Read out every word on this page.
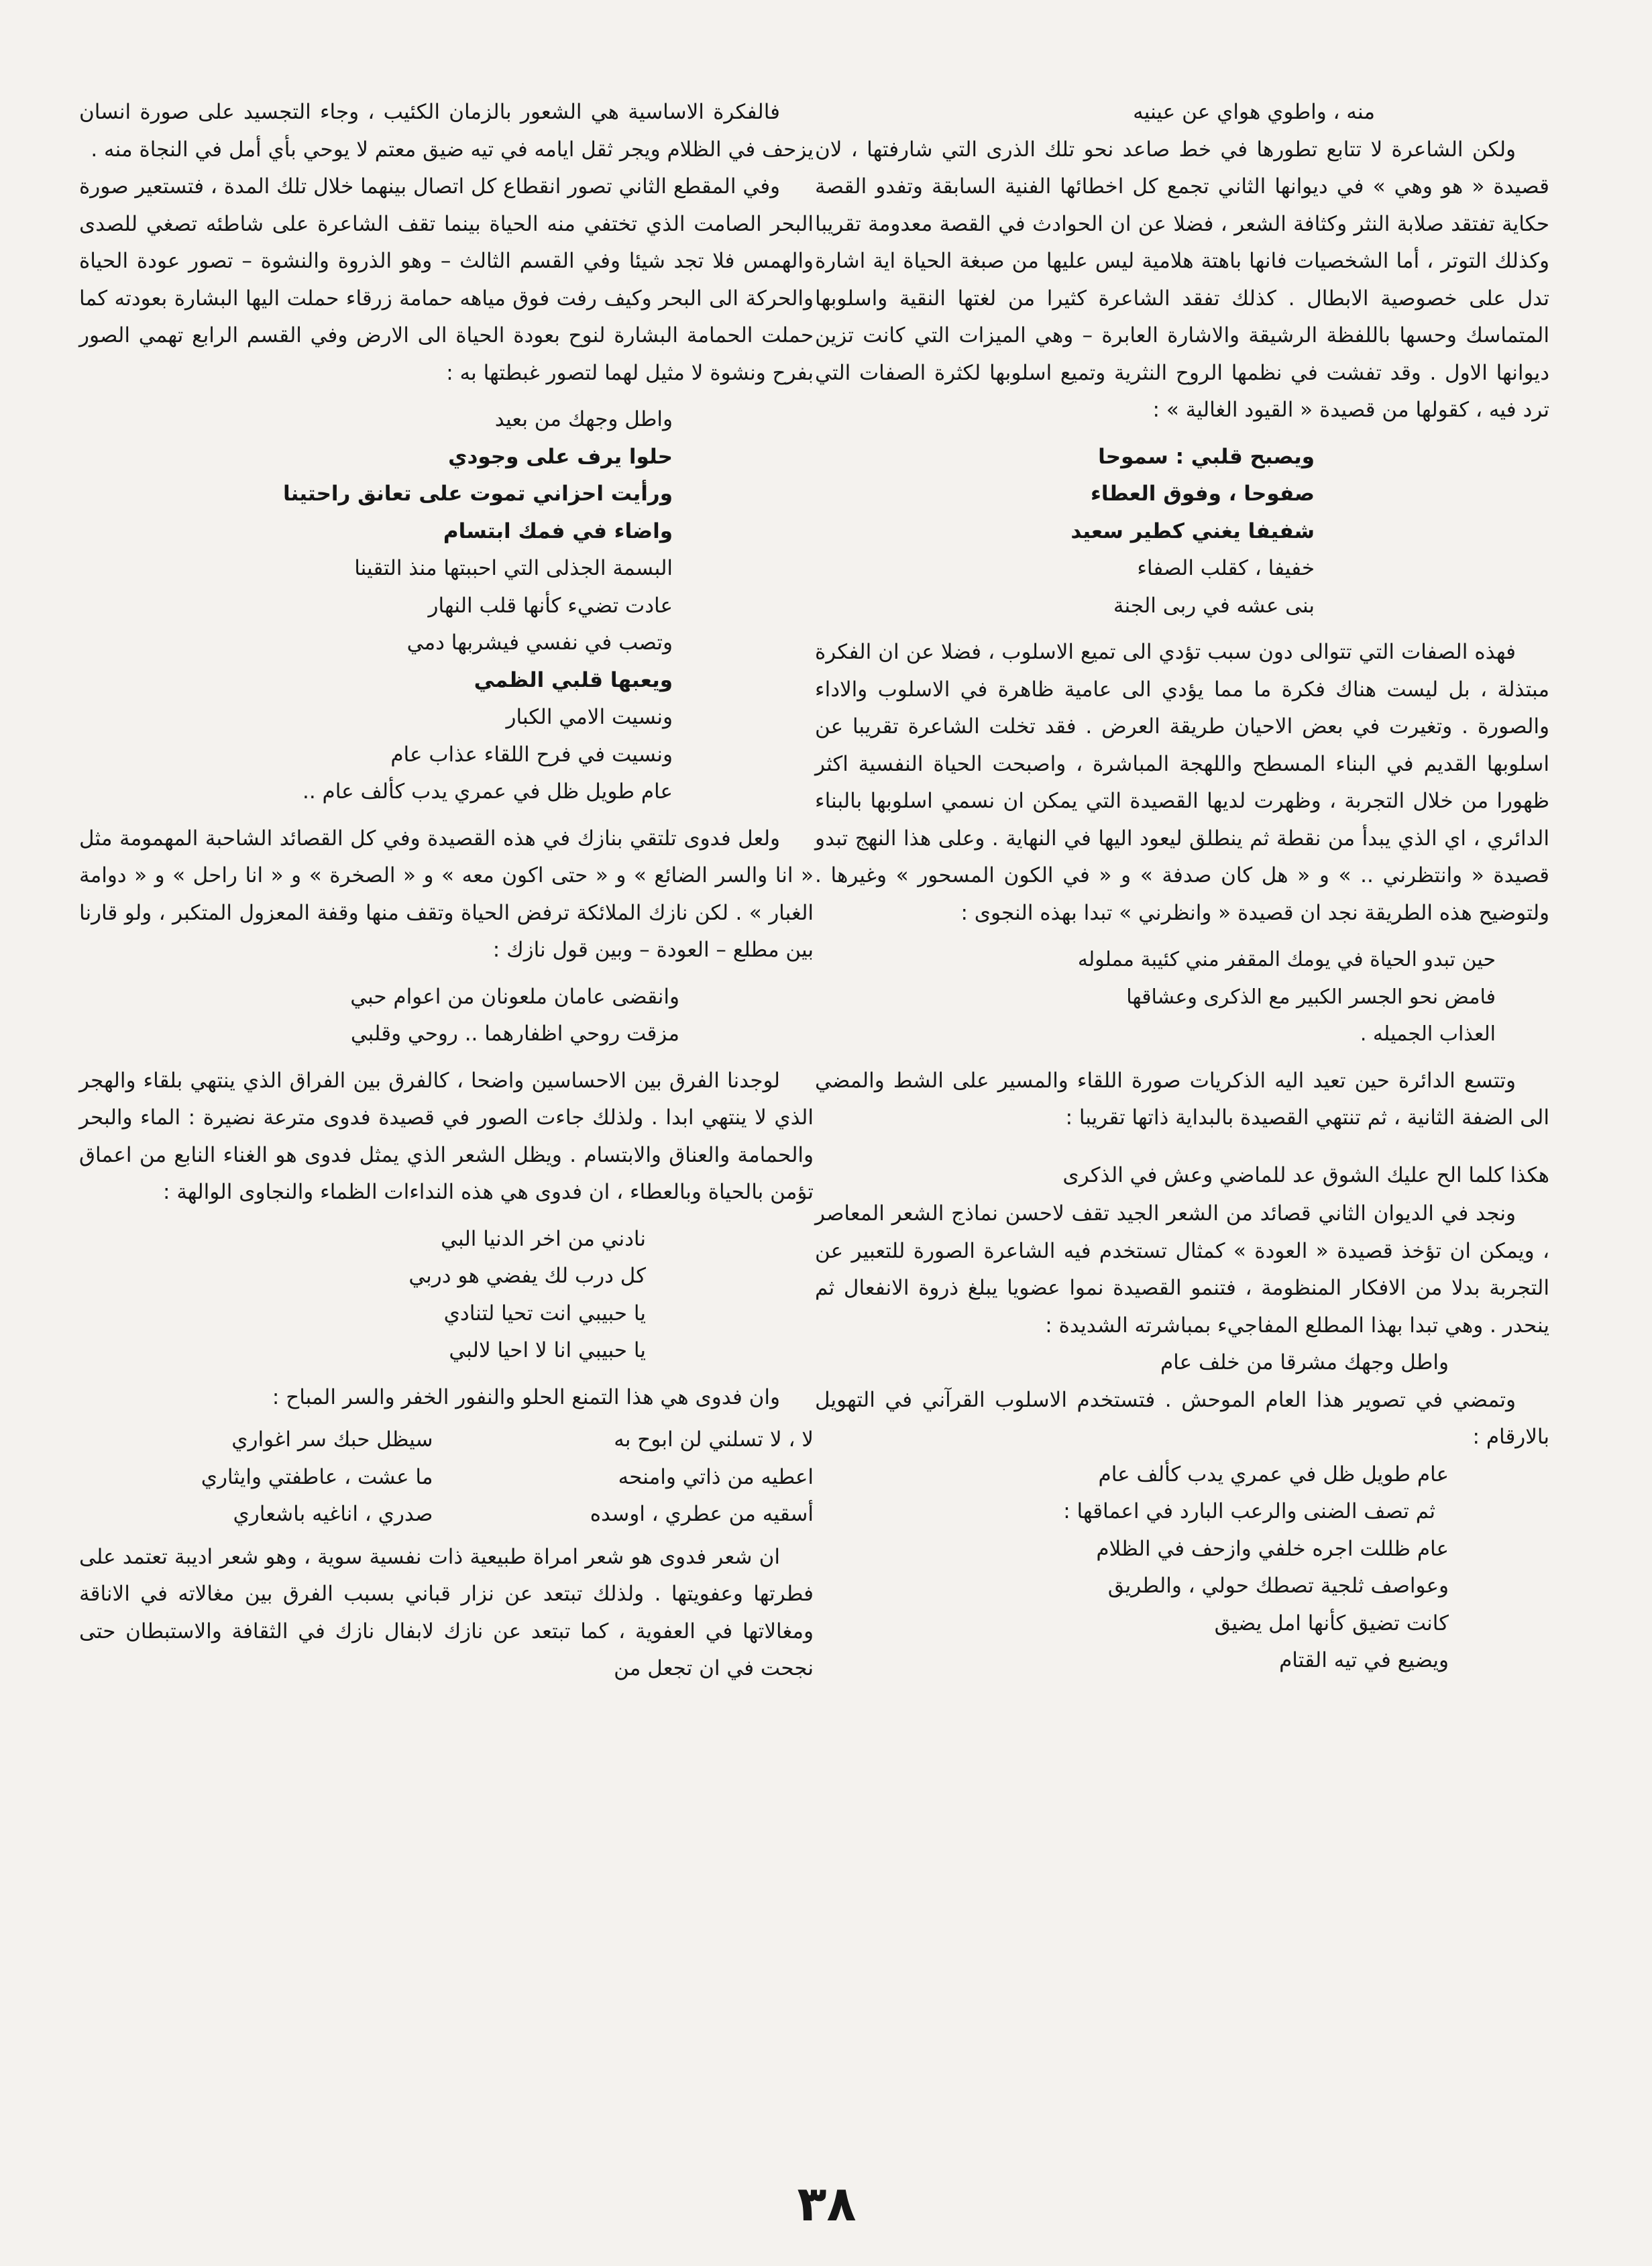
منه ، واطوي هواي عن عينيه

ولكن الشاعرة لا تتابع تطورها في خط صاعد نحو تلك الذرى التي شارفتها ، لان قصيدة « هو وهي » في ديوانها الثاني تجمع كل اخطائها الفنية السابقة وتفدو القصة حكاية تفتقد صلابة النثر وكثافة الشعر ، فضلا عن ان الحوادث في القصة معدومة تقريبا وكذلك التوتر ، أما الشخصيات فانها باهتة هلامية ليس عليها من صبغة الحياة اية اشارة تدل على خصوصية الابطال . كذلك تفقد الشاعرة كثيرا من لغتها النقية واسلوبها المتماسك وحسها باللفظة الرشيقة والاشارة العابرة – وهي الميزات التي كانت تزين ديوانها الاول . وقد تفشت في نظمها الروح النثرية وتميع اسلوبها لكثرة الصفات التي ترد فيه ، كقولها من قصيدة « القيود الغالية » :

ويصبح قلبي : سموحا
صفوحا ، وفوق العطاء
شفيفا يغني كطير سعيد
خفيفا ، كقلب الصفاء
بنى عشه في ربى الجنة

فهذه الصفات التي تتوالى دون سبب تؤدي الى تميع الاسلوب ، فضلا عن ان الفكرة مبتذلة ، بل ليست هناك فكرة ما مما يؤدي الى عامية ظاهرة في الاسلوب والاداء والصورة . وتغيرت في بعض الاحيان طريقة العرض . فقد تخلت الشاعرة تقريبا عن اسلوبها القديم في البناء المسطح واللهجة المباشرة ، واصبحت الحياة النفسية اكثر ظهورا من خلال التجربة ، وظهرت لديها القصيدة التي يمكن ان نسمي اسلوبها بالبناء الدائري ، اي الذي يبدأ من نقطة ثم ينطلق ليعود اليها في النهاية . وعلى هذا النهج تبدو قصيدة « وانتظرني .. » و « هل كان صدفة » و « في الكون المسحور » وغيرها . ولتوضيح هذه الطريقة نجد ان قصيدة « وانظرني » تبدا بهذه النجوى :

حين تبدو الحياة في يومك المقفر مني كئيبة مملوله
فامض نحو الجسر الكبير مع الذكرى وعشاقها
العذاب الجميله .

وتتسع الدائرة حين تعيد اليه الذكريات صورة اللقاء والمسير على الشط والمضي الى الضفة الثانية ، ثم تنتهي القصيدة بالبداية ذاتها تقريبا :

هكذا كلما الح عليك الشوق عد للماضي وعش في الذكرى

ونجد في الديوان الثاني قصائد من الشعر الجيد تقف لاحسن نماذج الشعر المعاصر ، ويمكن ان تؤخذ قصيدة « العودة » كمثال تستخدم فيه الشاعرة الصورة للتعبير عن التجربة بدلا من الافكار المنظومة ، فتنمو القصيدة نموا عضويا يبلغ ذروة الانفعال ثم ينحدر . وهي تبدا بهذا المطلع المفاجيء بمباشرته الشديدة :

واطل وجهك مشرقا من خلف عام

وتمضي في تصوير هذا العام الموحش . فتستخدم الاسلوب القرآني في التهويل بالارقام :

عام طويل ظل في عمري يدب كألف عام
ثم تصف الضنى والرعب البارد في اعماقها :
عام ظللت اجره خلفي وازحف في الظلام
وعواصف ثلجية تصطك حولي ، والطريق
كانت تضيق كأنها امل يضيق
ويضيع في تيه القتام

فالفكرة الاساسية هي الشعور بالزمان الكئيب ، وجاء التجسيد على صورة انسان يزحف في الظلام ويجر ثقل ايامه في تيه ضيق معتم لا يوحي بأي أمل في النجاة منه .

وفي المقطع الثاني تصور انقطاع كل اتصال بينهما خلال تلك المدة ، فتستعير صورة البحر الصامت الذي تختفي منه الحياة بينما تقف الشاعرة على شاطئه تصغي للصدى والهمس فلا تجد شيئا وفي القسم الثالث – وهو الذروة والنشوة – تصور عودة الحياة والحركة الى البحر وكيف رفت فوق مياهه حمامة زرقاء حملت اليها البشارة بعودته كما حملت الحمامة البشارة لنوح بعودة الحياة الى الارض وفي القسم الرابع تهمي الصور بفرح ونشوة لا مثيل لهما لتصور غبطتها به :

واطل وجهك من بعيد
حلوا يرف على وجودي
ورأيت احزاني تموت على تعانق راحتينا
واضاء في فمك ابتسام
البسمة الجذلى التي احببتها منذ التقينا
عادت تضيء كأنها قلب النهار
وتصب في نفسي فيشربها دمي
ويعبها قلبي الظمي
ونسيت الامي الكبار
ونسيت في فرح اللقاء عذاب عام
عام طويل ظل في عمري يدب كألف عام ..

ولعل فدوى تلتقي بنازك في هذه القصيدة وفي كل القصائد الشاحبة المهمومة مثل « انا والسر الضائع » و « حتى اكون معه » و « الصخرة » و « انا راحل » و « دوامة الغبار » . لكن نازك الملائكة ترفض الحياة وتقف منها وقفة المعزول المتكبر ، ولو قارنا بين مطلع – العودة – وبين قول نازك :

وانقضى عامان ملعونان من اعوام حبي
مزقت روحي اظفارهما .. روحي وقلبي

لوجدنا الفرق بين الاحساسين واضحا ، كالفرق بين الفراق الذي ينتهي بلقاء والهجر الذي لا ينتهي ابدا . ولذلك جاءت الصور في قصيدة فدوى مترعة نضيرة : الماء والبحر والحمامة والعناق والابتسام . ويظل الشعر الذي يمثل فدوى هو الغناء النابع من اعماق تؤمن بالحياة وبالعطاء ، ان فدوى هي هذه النداءات الظماء والنجاوى الوالهة :

نادني من اخر الدنيا البي
كل درب لك يفضي هو دربي
يا حبيبي انت تحيا لتنادي
يا حبيبي انا لا احيا لالبي

وان فدوى هي هذا التمنع الحلو والنفور الخفر والسر المباح :

لا ، لا تسلني لن ابوح به
اعطيه من ذاتي وامنحه
أسقيه من عطري ، اوسده
سيظل حبك سر اغواري
ما عشت ، عاطفتي وايثاري
صدري ، اناغيه باشعاري

ان شعر فدوى هو شعر امراة طبيعية ذات نفسية سوية ، وهو شعر اديبة تعتمد على فطرتها وعفويتها . ولذلك تبتعد عن نزار قباني بسبب الفرق بين مغالاته في الاناقة ومغالاتها في العفوية ، كما تبتعد عن نازك لابفال نازك في الثقافة والاستبطان حتى نجحت في ان تجعل من

٣٨
